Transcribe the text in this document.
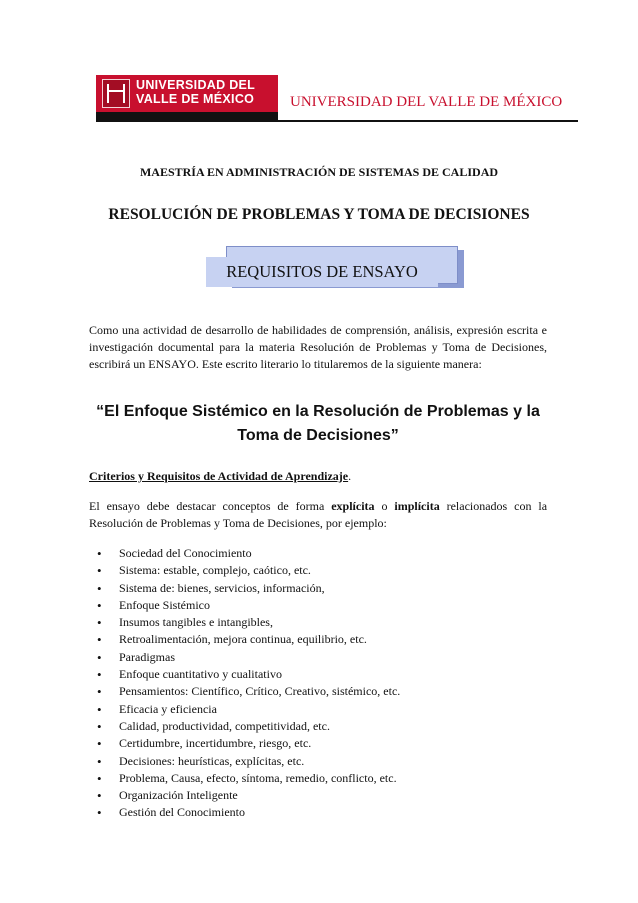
UNIVERSIDAD DEL
VALLE DE MÉXICO	UNIVERSIDAD DEL VALLE DE MÉXICO
MAESTRÍA EN ADMINISTRACIÓN DE SISTEMAS DE CALIDAD
RESOLUCIÓN DE PROBLEMAS Y TOMA DE DECISIONES
REQUISITOS DE ENSAYO

Como una actividad de desarrollo de habilidades de comprensión, análisis, expresión escrita e investigación documental para la materia Resolución de Problemas y Toma de Decisiones, escribirá un ENSAYO. Este escrito literario lo titularemos de la siguiente manera:

“El Enfoque Sistémico en la Resolución de Problemas y la
Toma de Decisiones”
Criterios y Requisitos de Actividad de Aprendizaje.

El ensayo debe destacar conceptos de forma explícita o implícita relacionados con la Resolución de Problemas y Toma de Decisiones, por ejemplo:

• Sociedad del Conocimiento
• Sistema: estable, complejo, caótico, etc.
• Sistema de: bienes, servicios, información,
• Enfoque Sistémico
• Insumos tangibles e intangibles,
• Retroalimentación, mejora continua, equilibrio, etc.
• Paradigmas
• Enfoque cuantitativo y cualitativo
• Pensamientos: Científico, Crítico, Creativo, sistémico, etc.
• Eficacia y eficiencia
• Calidad, productividad, competitividad, etc.
• Certidumbre, incertidumbre, riesgo, etc.
• Decisiones: heurísticas, explícitas, etc.
• Problema, Causa, efecto, síntoma, remedio, conflicto, etc.
• Organización Inteligente
• Gestión del Conocimiento
